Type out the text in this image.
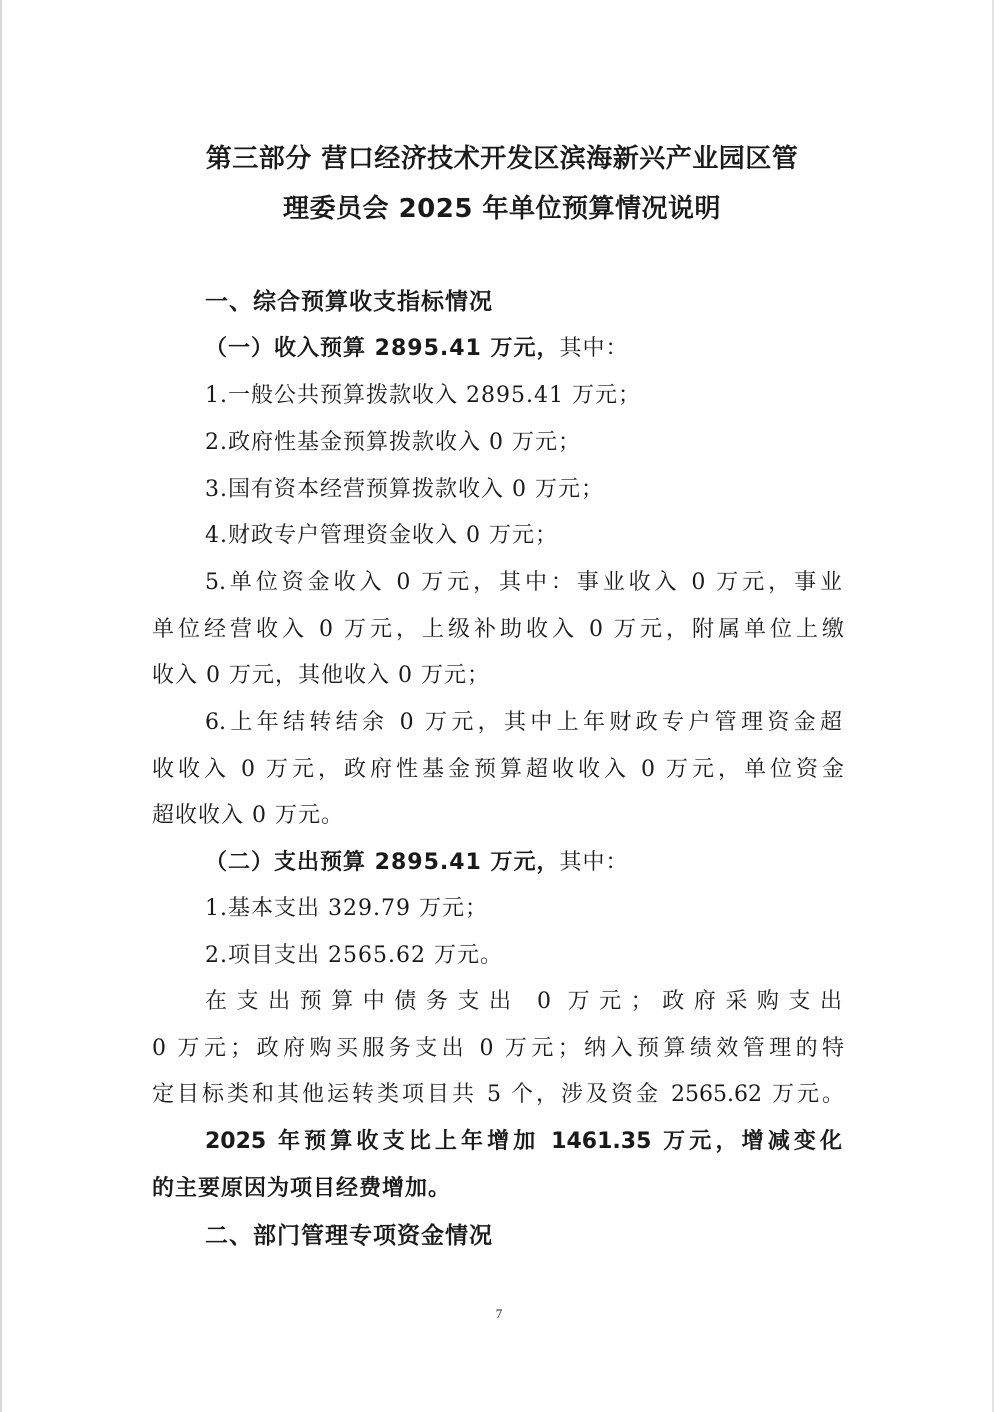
第三部分 营口经济技术开发区滨海新兴产业园区管
理委员会 2025 年单位预算情况说明
一、综合预算收支指标情况
（一）收入预算 2895.41 万元，其中：
1.一般公共预算拨款收入 2895.41 万元；
2.政府性基金预算拨款收入 0 万元；
3.国有资本经营预算拨款收入 0 万元；
4.财政专户管理资金收入 0 万元；
5.单位资金收入 0 万元，其中：事业收入 0 万元，事业
单位经营收入 0 万元，上级补助收入 0 万元，附属单位上缴
收入 0 万元，其他收入 0 万元；
6.上年结转结余 0 万元，其中上年财政专户管理资金超
收收入 0 万元，政府性基金预算超收收入 0 万元，单位资金
超收收入 0 万元。
（二）支出预算 2895.41 万元，其中：
1.基本支出 329.79 万元；
2.项目支出 2565.62 万元。
在支出预算中债务支出 0 万元；政府采购支出
0 万元；政府购买服务支出 0 万元；纳入预算绩效管理的特
定目标类和其他运转类项目共 5 个，涉及资金 2565.62 万元。
2025 年预算收支比上年增加 1461.35 万元，增减变化
的主要原因为项目经费增加。
二、部门管理专项资金情况
7
